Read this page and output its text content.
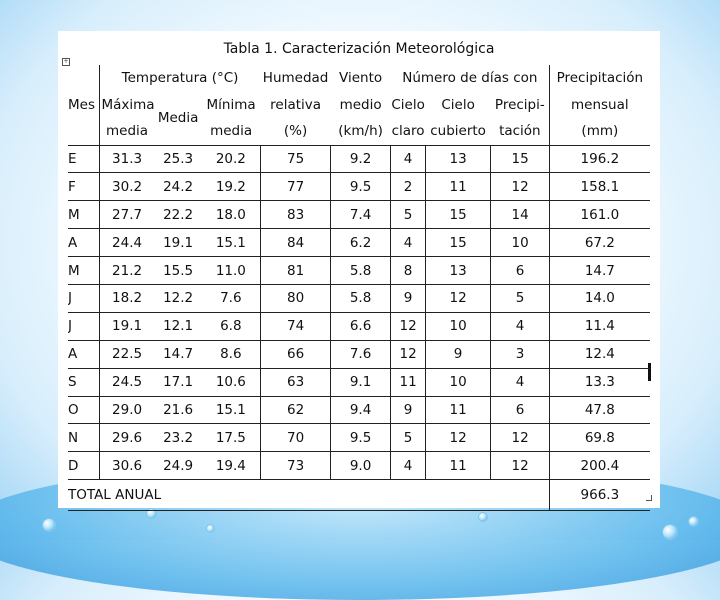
+
Tabla 1. Caracterización Meteorológica
	Temperatura (°C)			Humedad	Viento	Número de días con			Precipitación
Mes	Máxima	Media	Mínima	relativa	medio	Cielo	Cielo	Precipi-	mensual
	media		media	(%)	(km/h)	claro	cubierto	tación	(mm)
E	31.3	25.3	20.2	75	9.2	4	13	15	196.2
F	30.2	24.2	19.2	77	9.5	2	11	12	158.1
M	27.7	22.2	18.0	83	7.4	5	15	14	161.0
A	24.4	19.1	15.1	84	6.2	4	15	10	67.2
M	21.2	15.5	11.0	81	5.8	8	13	6	14.7
J	18.2	12.2	7.6	80	5.8	9	12	5	14.0
J	19.1	12.1	6.8	74	6.6	12	10	4	11.4
A	22.5	14.7	8.6	66	7.6	12	9	3	12.4
S	24.5	17.1	10.6	63	9.1	11	10	4	13.3
O	29.0	21.6	15.1	62	9.4	9	11	6	47.8
N	29.6	23.2	17.5	70	9.5	5	12	12	69.8
D	30.6	24.9	19.4	73	9.0	4	11	12	200.4
TOTAL ANUAL									966.3
